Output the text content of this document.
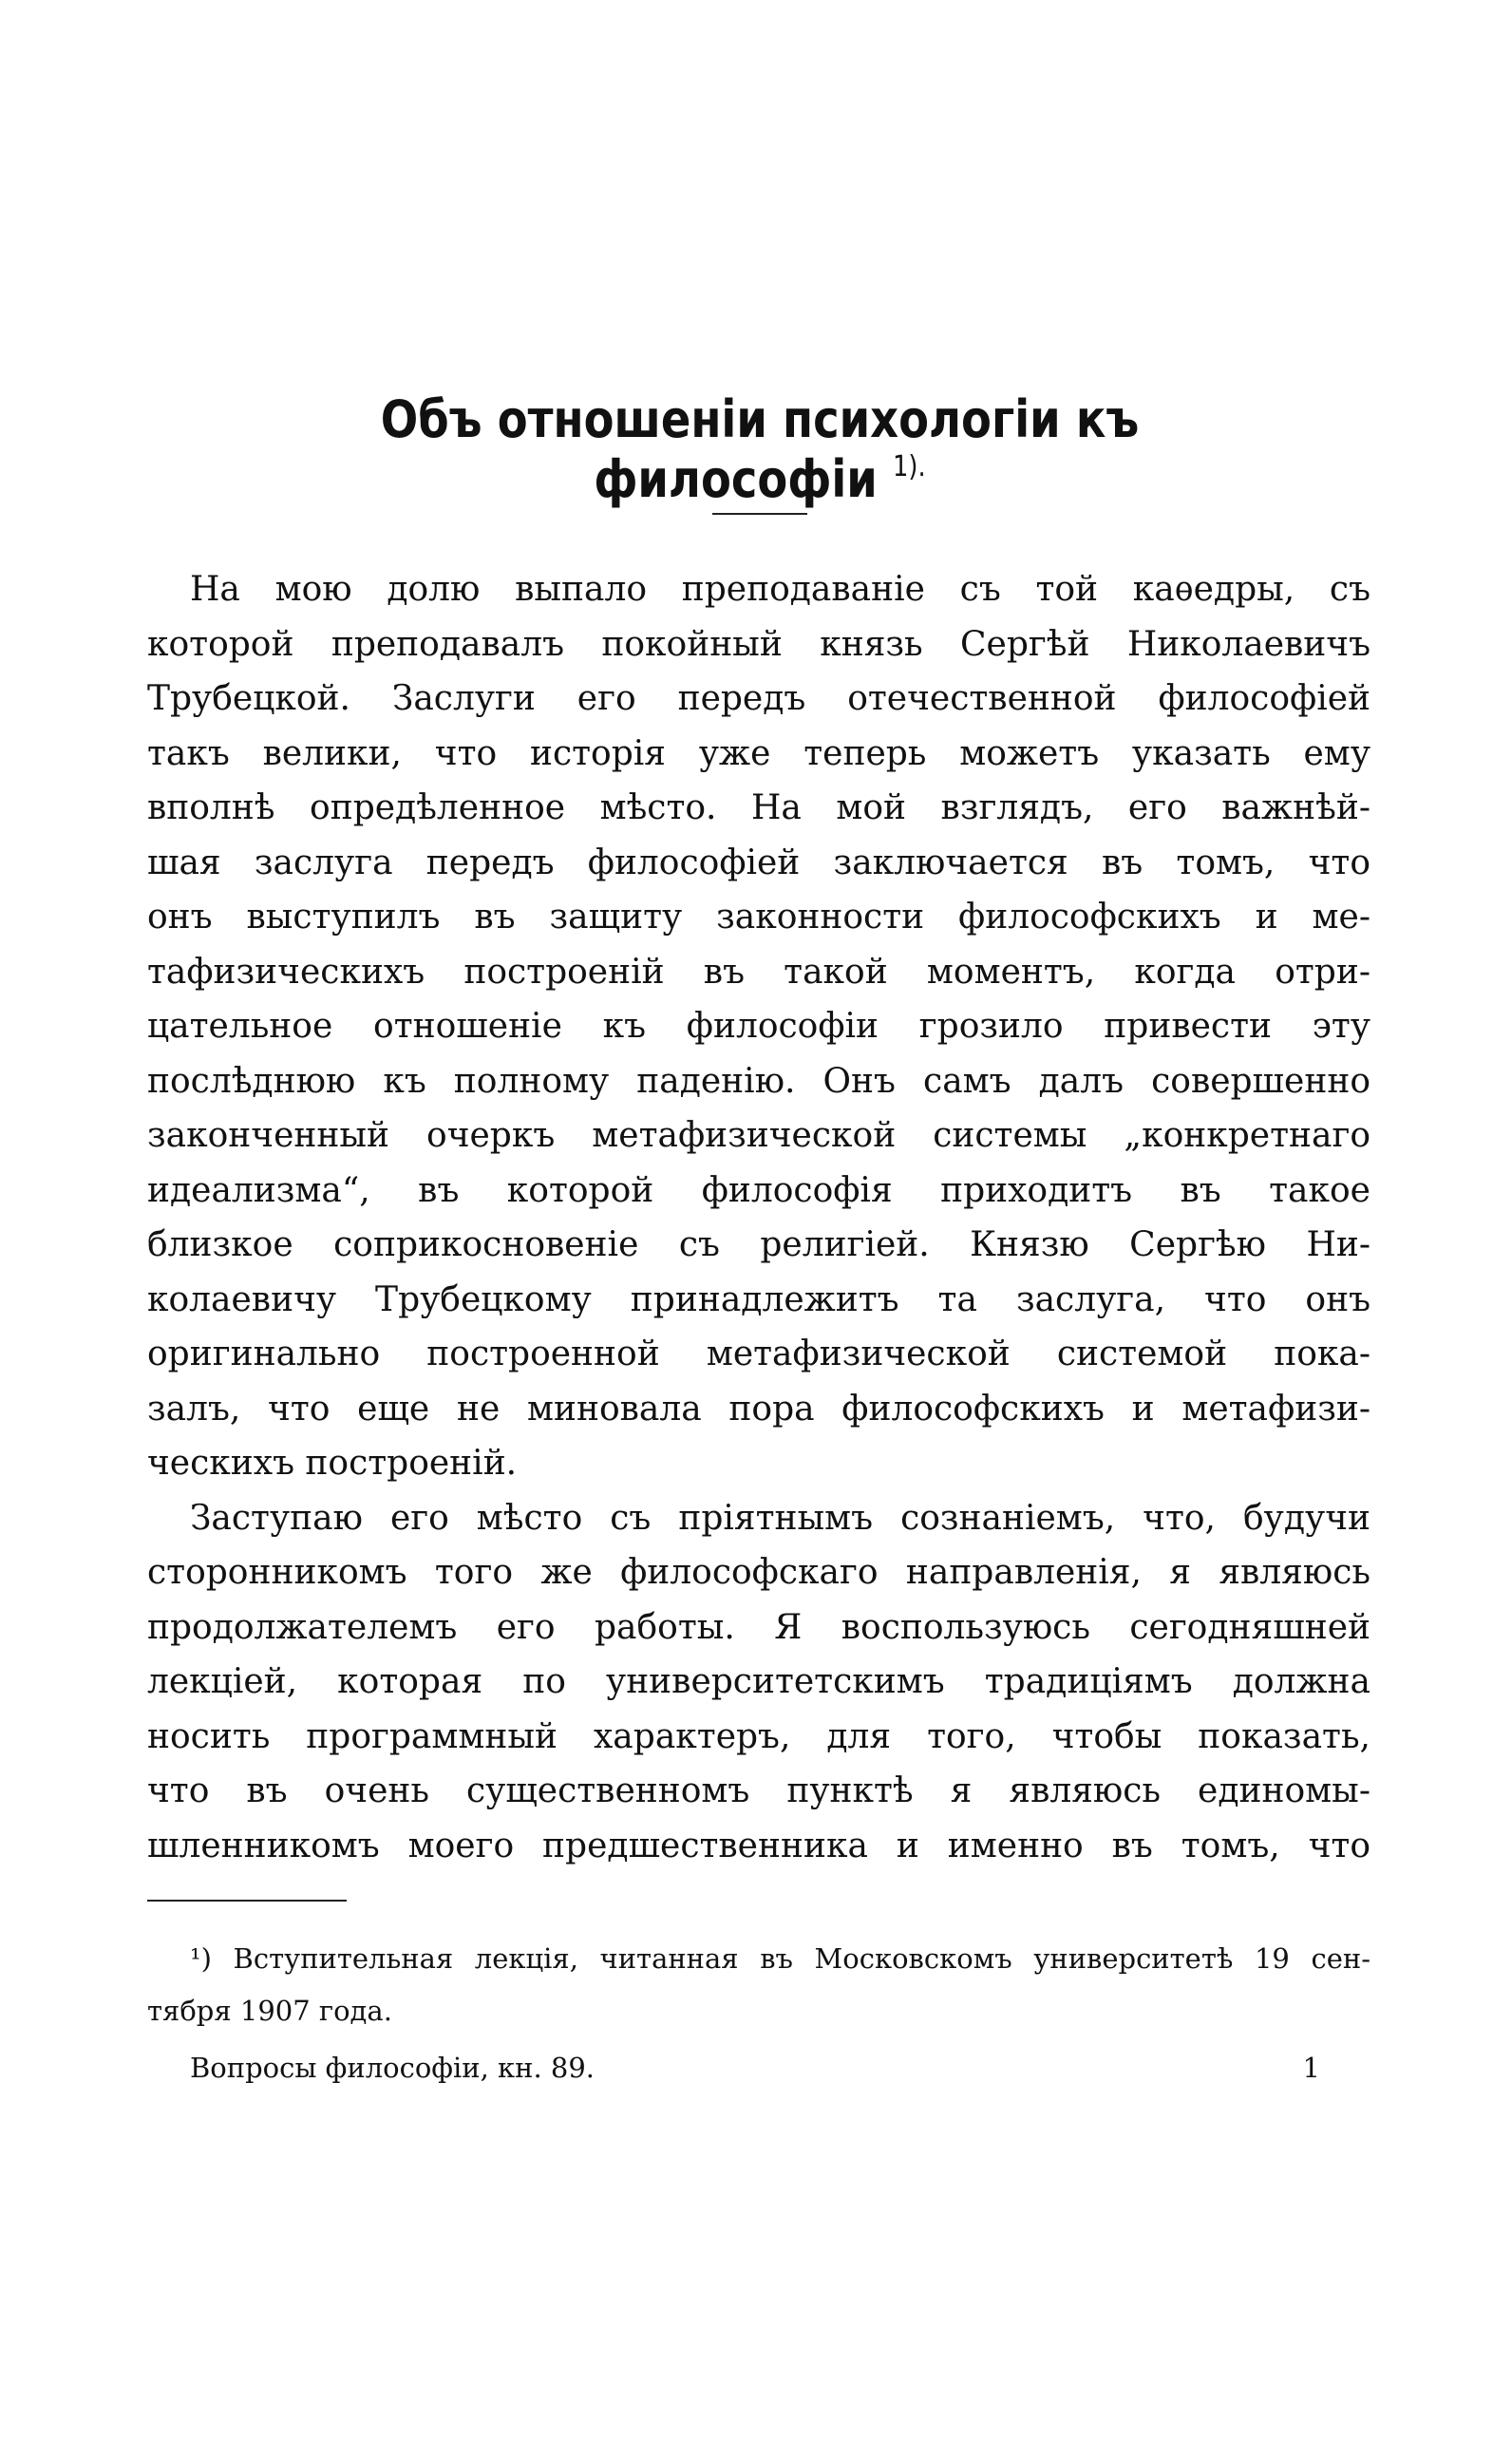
Объ отношенiи психологiи къ философiи $^{1).}$
На мою долю выпало преподаванiе съ той каѳедры, съ
которой преподавалъ покойный князь Сергѣй Николаевичъ
Трубецкой. Заслуги его передъ отечественной философiей
такъ велики, что исторiя уже теперь можетъ указать ему
вполнѣ опредѣленное мѣсто. На мой взглядъ, его важнѣй-
шая заслуга передъ философiей заключается въ томъ, что
онъ выступилъ въ защиту законности философскихъ и ме-
тафизическихъ построенiй въ такой моментъ, когда отри-
цательное отношенiе къ философiи грозило привести эту
послѣднюю къ полному паденiю. Онъ самъ далъ совершенно
законченный очеркъ метафизической системы „конкретнаго
идеализма“, въ которой философiя приходитъ въ такое
близкое соприкосновенiе съ религiей. Князю Сергѣю Ни-
колаевичу Трубецкому принадлежитъ та заслуга, что онъ
оригинально построенной метафизической системой пока-
залъ, что еще не миновала пора философскихъ и метафизи-
ческихъ построенiй.
Заступаю его мѣсто съ прiятнымъ сознанiемъ, что, будучи
сторонникомъ того же философскаго направленiя, я являюсь
продолжателемъ его работы. Я воспользуюсь сегодняшней
лекцiей, которая по университетскимъ традицiямъ должна
носить программный характеръ, для того, чтобы показать,
что въ очень существенномъ пунктѣ я являюсь единомы-
шленникомъ моего предшественника и именно въ томъ, что
¹) Вступительная лекцiя, читанная въ Московскомъ университетѣ 19 сен-
тября 1907 года.
Вопросы философiи, кн. 89.	1
